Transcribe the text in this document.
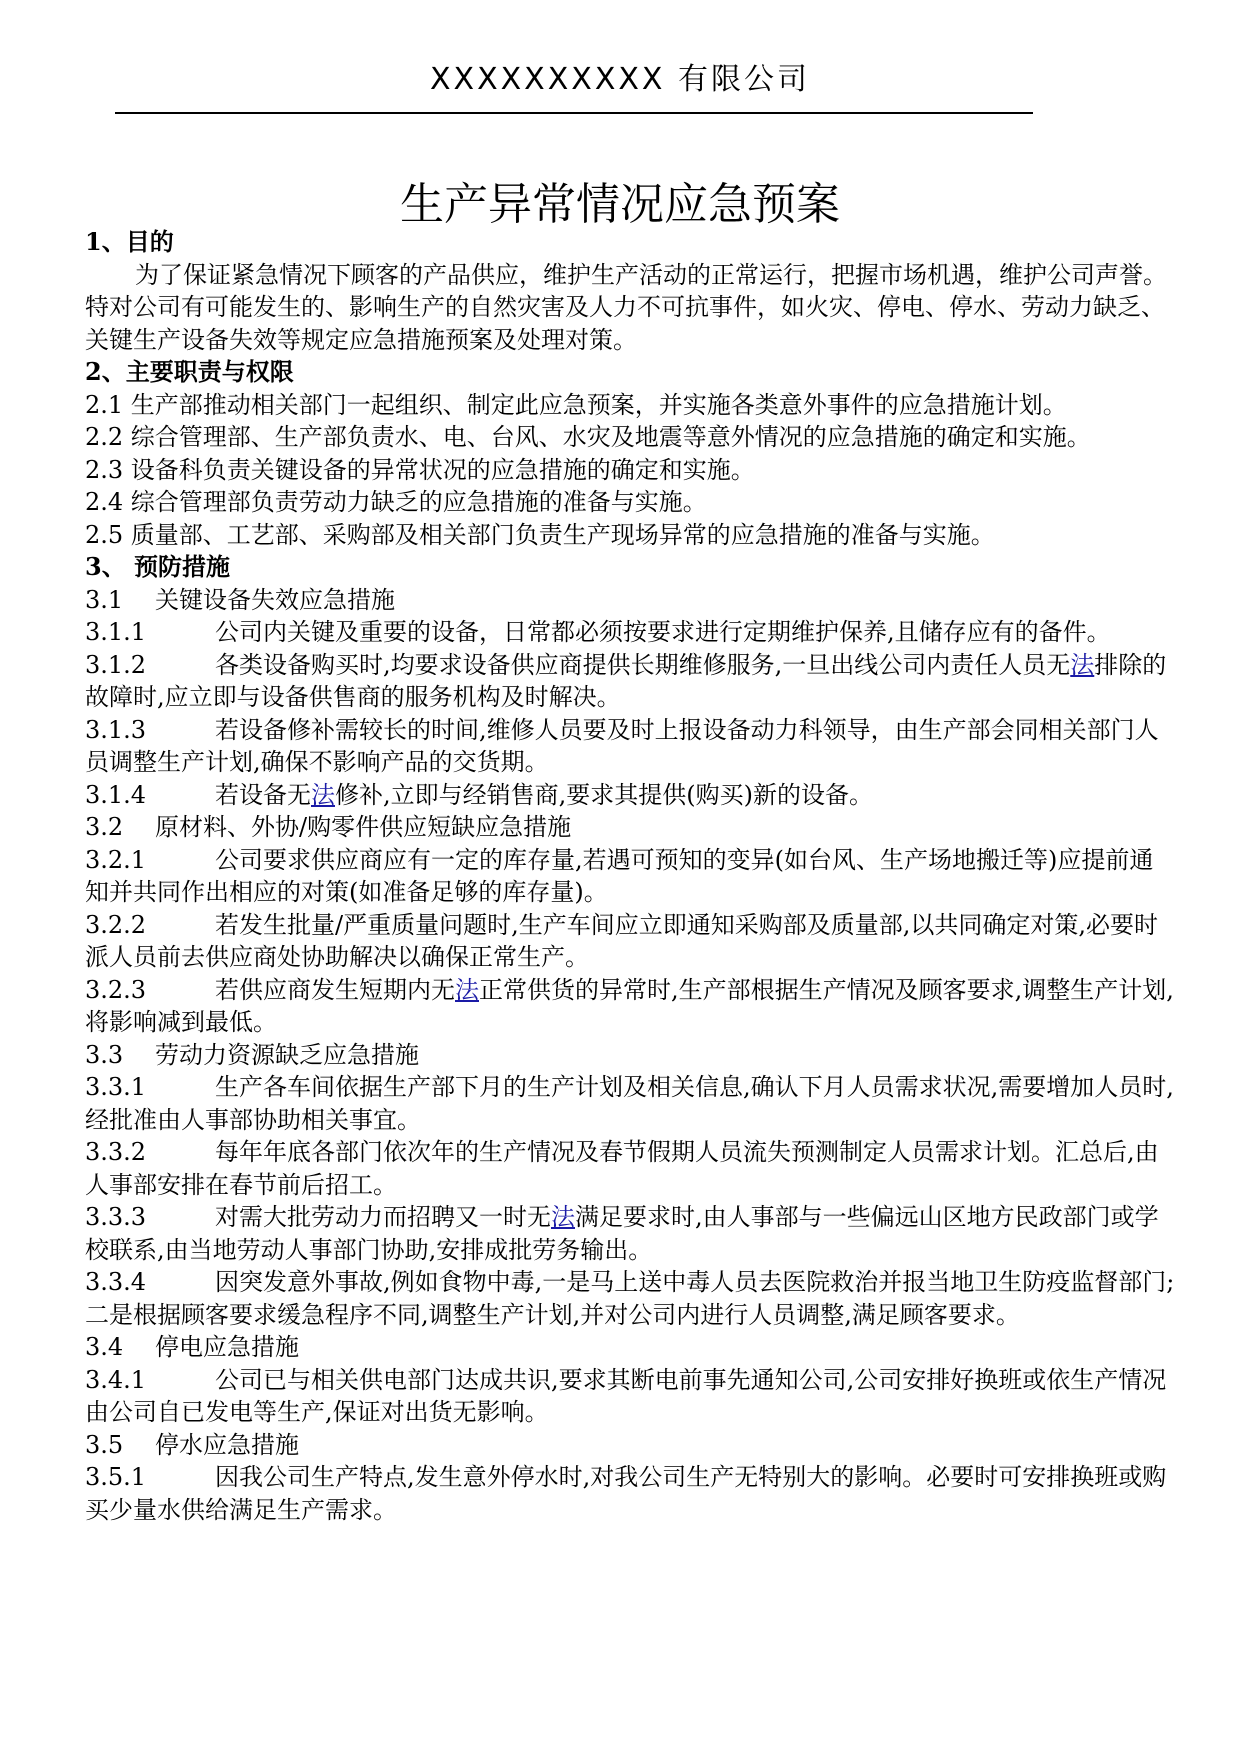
XXXXXXXXXX 有限公司
生产异常情况应急预案

1、目的

为了保证紧急情况下顾客的产品供应，维护生产活动的正常运行，把握市场机遇，维护公司声誉。特对公司有可能发生的、影响生产的自然灾害及人力不可抗事件，如火灾、停电、停水、劳动力缺乏、关键生产设备失效等规定应急措施预案及处理对策。

2、主要职责与权限

2.1 生产部推动相关部门一起组织、制定此应急预案，并实施各类意外事件的应急措施计划。

2.2 综合管理部、生产部负责水、电、台风、水灾及地震等意外情况的应急措施的确定和实施。

2.3 设备科负责关键设备的异常状况的应急措施的确定和实施。

2.4 综合管理部负责劳动力缺乏的应急措施的准备与实施。

2.5 质量部、工艺部、采购部及相关部门负责生产现场异常的应急措施的准备与实施。

3、 预防措施

3.1 关键设备失效应急措施

3.1.1	公司内关键及重要的设备，日常都必须按要求进行定期维护保养,且储存应有的备件。

3.1.2	各类设备购买时,均要求设备供应商提供长期维修服务,一旦出线公司内责任人员无法排除的故障时,应立即与设备供售商的服务机构及时解决。

3.1.3	若设备修补需较长的时间,维修人员要及时上报设备动力科领导，由生产部会同相关部门人员调整生产计划,确保不影响产品的交货期。

3.1.4	若设备无法修补,立即与经销售商,要求其提供(购买)新的设备。

3.2 原材料、外协/购零件供应短缺应急措施

3.2.1	公司要求供应商应有一定的库存量,若遇可预知的变异(如台风、生产场地搬迁等)应提前通知并共同作出相应的对策(如准备足够的库存量)。

3.2.2	若发生批量/严重质量问题时,生产车间应立即通知采购部及质量部,以共同确定对策,必要时派人员前去供应商处协助解决以确保正常生产。

3.2.3	若供应商发生短期内无法正常供货的异常时,生产部根据生产情况及顾客要求,调整生产计划,将影响减到最低。

3.3 劳动力资源缺乏应急措施

3.3.1	生产各车间依据生产部下月的生产计划及相关信息,确认下月人员需求状况,需要增加人员时,经批准由人事部协助相关事宜。

3.3.2	每年年底各部门依次年的生产情况及春节假期人员流失预测制定人员需求计划。汇总后,由人事部安排在春节前后招工。

3.3.3	对需大批劳动力而招聘又一时无法满足要求时,由人事部与一些偏远山区地方民政部门或学校联系,由当地劳动人事部门协助,安排成批劳务输出。

3.3.4	因突发意外事故,例如食物中毒,一是马上送中毒人员去医院救治并报当地卫生防疫监督部门;二是根据顾客要求缓急程序不同,调整生产计划,并对公司内进行人员调整,满足顾客要求。

3.4 停电应急措施

3.4.1	公司已与相关供电部门达成共识,要求其断电前事先通知公司,公司安排好换班或依生产情况由公司自已发电等生产,保证对出货无影响。

3.5 停水应急措施

3.5.1	因我公司生产特点,发生意外停水时,对我公司生产无特别大的影响。必要时可安排换班或购买少量水供给满足生产需求。
